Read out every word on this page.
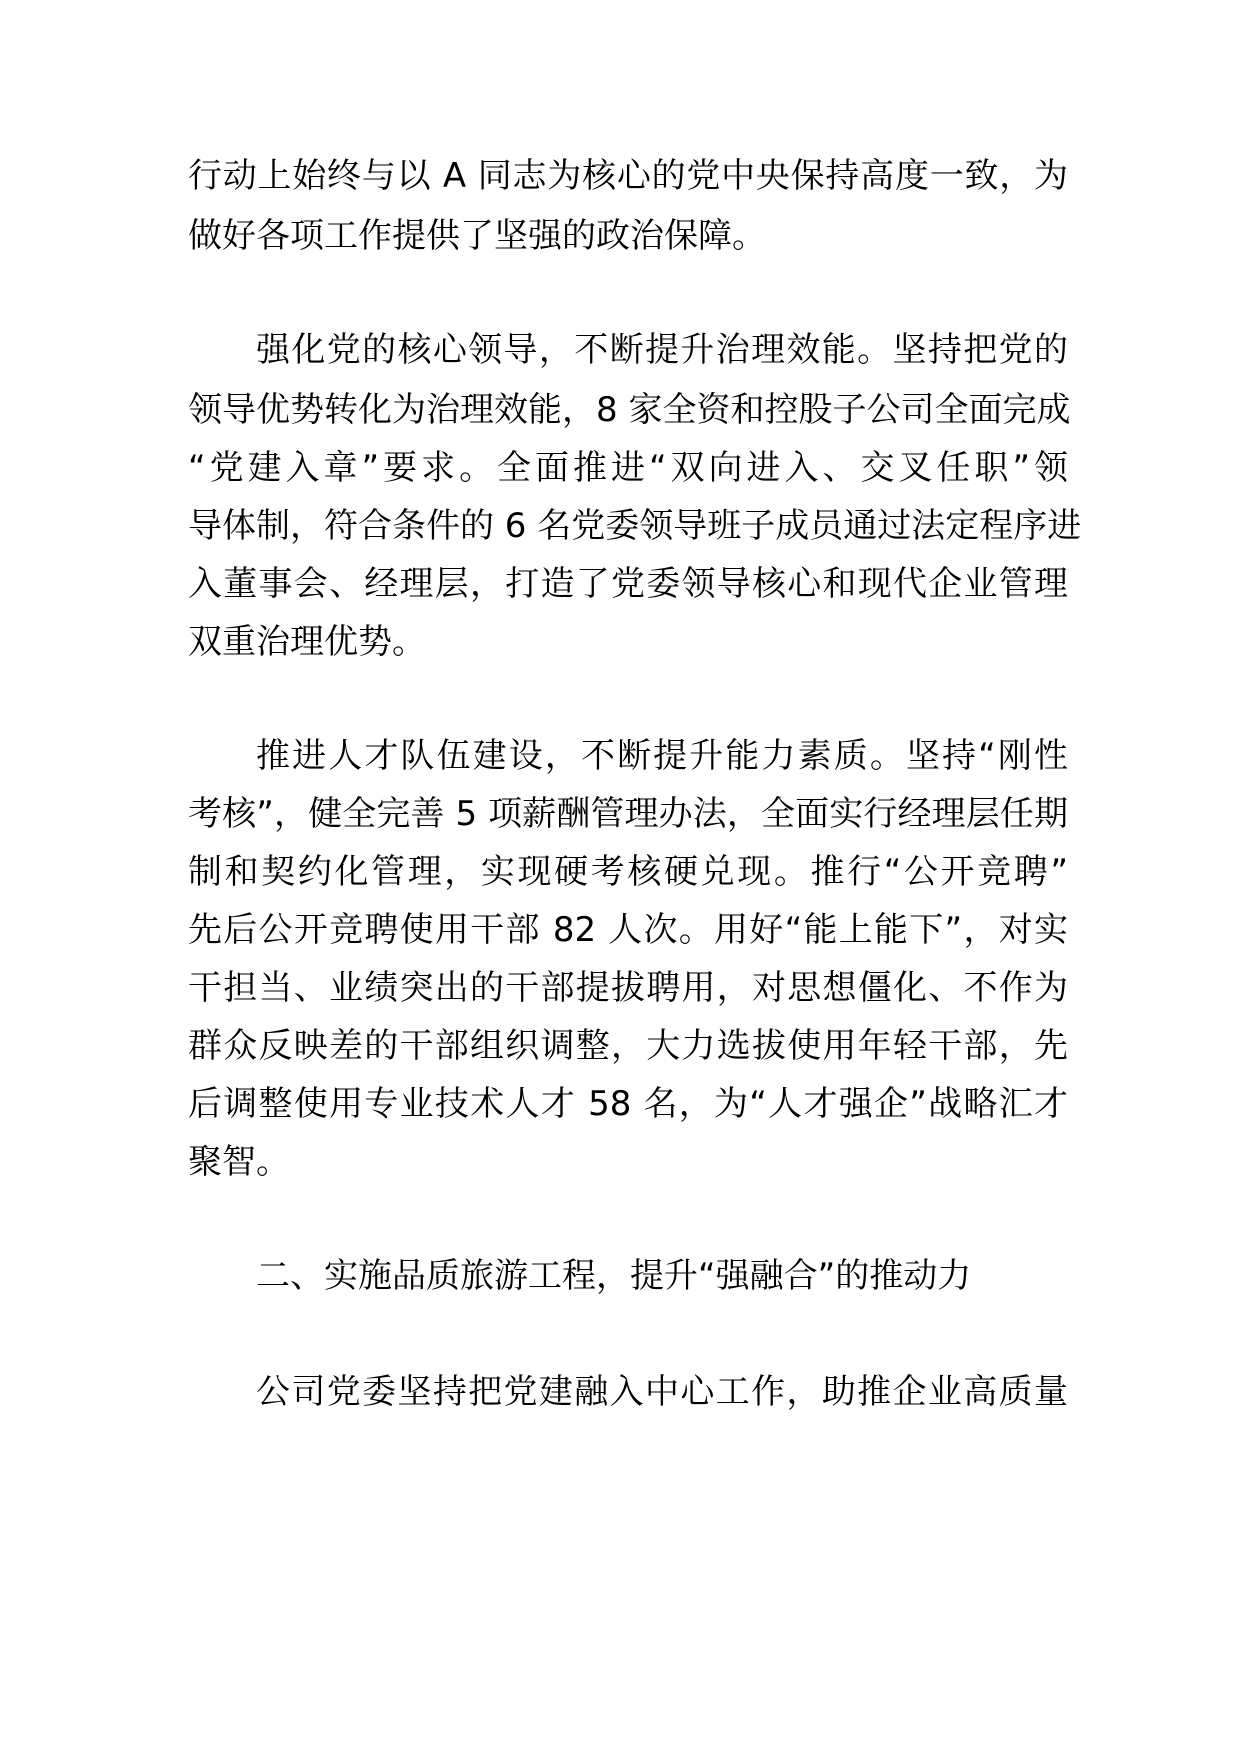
行动上始终与以 A 同志为核心的党中央保持高度一致，为
做好各项工作提供了坚强的政治保障。
强化党的核心领导，不断提升治理效能。坚持把党的
领导优势转化为治理效能，8 家全资和控股子公司全面完成
“党建入章”要求。全面推进“双向进入、交叉任职”领
导体制，符合条件的 6 名党委领导班子成员通过法定程序进
入董事会、经理层，打造了党委领导核心和现代企业管理
双重治理优势。
推进人才队伍建设，不断提升能力素质。坚持“刚性
考核”，健全完善 5 项薪酬管理办法，全面实行经理层任期
制和契约化管理，实现硬考核硬兑现。推行“公开竞聘”
先后公开竞聘使用干部 82 人次。用好“能上能下”，对实
干担当、业绩突出的干部提拔聘用，对思想僵化、不作为
群众反映差的干部组织调整，大力选拔使用年轻干部，先
后调整使用专业技术人才 58 名，为“人才强企”战略汇才
聚智。
二、实施品质旅游工程，提升“强融合”的推动力
公司党委坚持把党建融入中心工作，助推企业高质量
